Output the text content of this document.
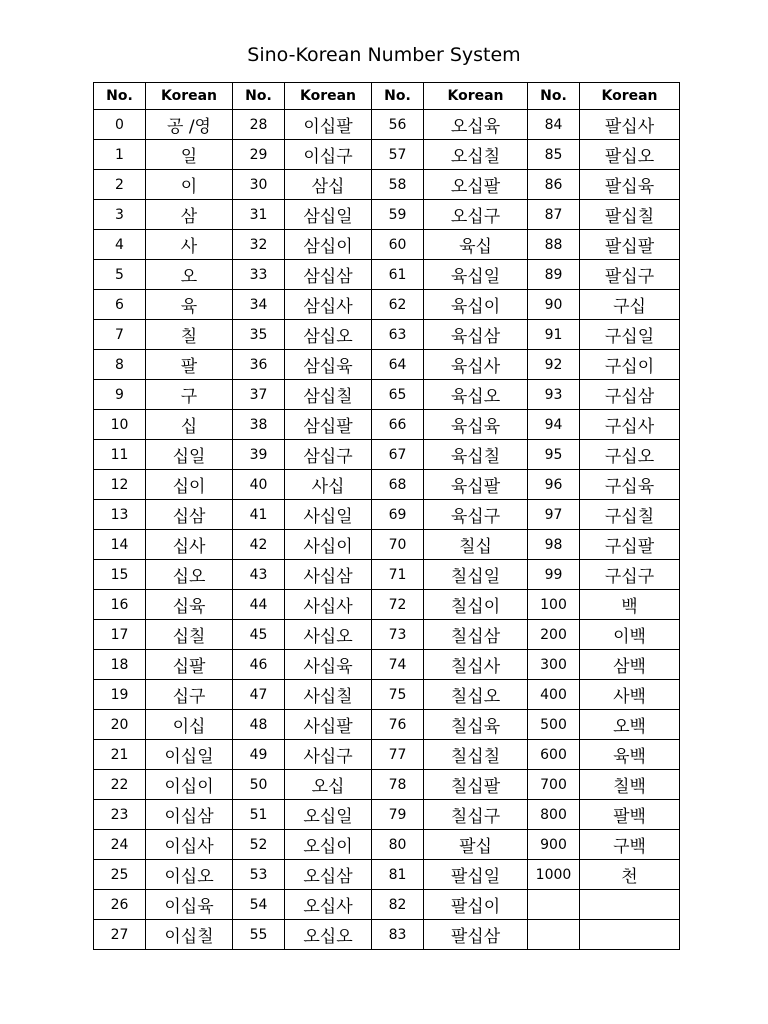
Sino-Korean Number System
No.	Korean	No.	Korean	No.	Korean	No.	Korean
0	공 /영	28	이십팔	56	오십육	84	팔십사
1	일	29	이십구	57	오십칠	85	팔십오
2	이	30	삼십	58	오십팔	86	팔십육
3	삼	31	삼십일	59	오십구	87	팔십칠
4	사	32	삼십이	60	육십	88	팔십팔
5	오	33	삼십삼	61	육십일	89	팔십구
6	육	34	삼십사	62	육십이	90	구십
7	칠	35	삼십오	63	육십삼	91	구십일
8	팔	36	삼십육	64	육십사	92	구십이
9	구	37	삼십칠	65	육십오	93	구십삼
10	십	38	삼십팔	66	육십육	94	구십사
11	십일	39	삼십구	67	육십칠	95	구십오
12	십이	40	사십	68	육십팔	96	구십육
13	십삼	41	사십일	69	육십구	97	구십칠
14	십사	42	사십이	70	칠십	98	구십팔
15	십오	43	사십삼	71	칠십일	99	구십구
16	십육	44	사십사	72	칠십이	100	백
17	십칠	45	사십오	73	칠십삼	200	이백
18	십팔	46	사십육	74	칠십사	300	삼백
19	십구	47	사십칠	75	칠십오	400	사백
20	이십	48	사십팔	76	칠십육	500	오백
21	이십일	49	사십구	77	칠십칠	600	육백
22	이십이	50	오십	78	칠십팔	700	칠백
23	이십삼	51	오십일	79	칠십구	800	팔백
24	이십사	52	오십이	80	팔십	900	구백
25	이십오	53	오십삼	81	팔십일	1000	천
26	이십육	54	오십사	82	팔십이		
27	이십칠	55	오십오	83	팔십삼		
